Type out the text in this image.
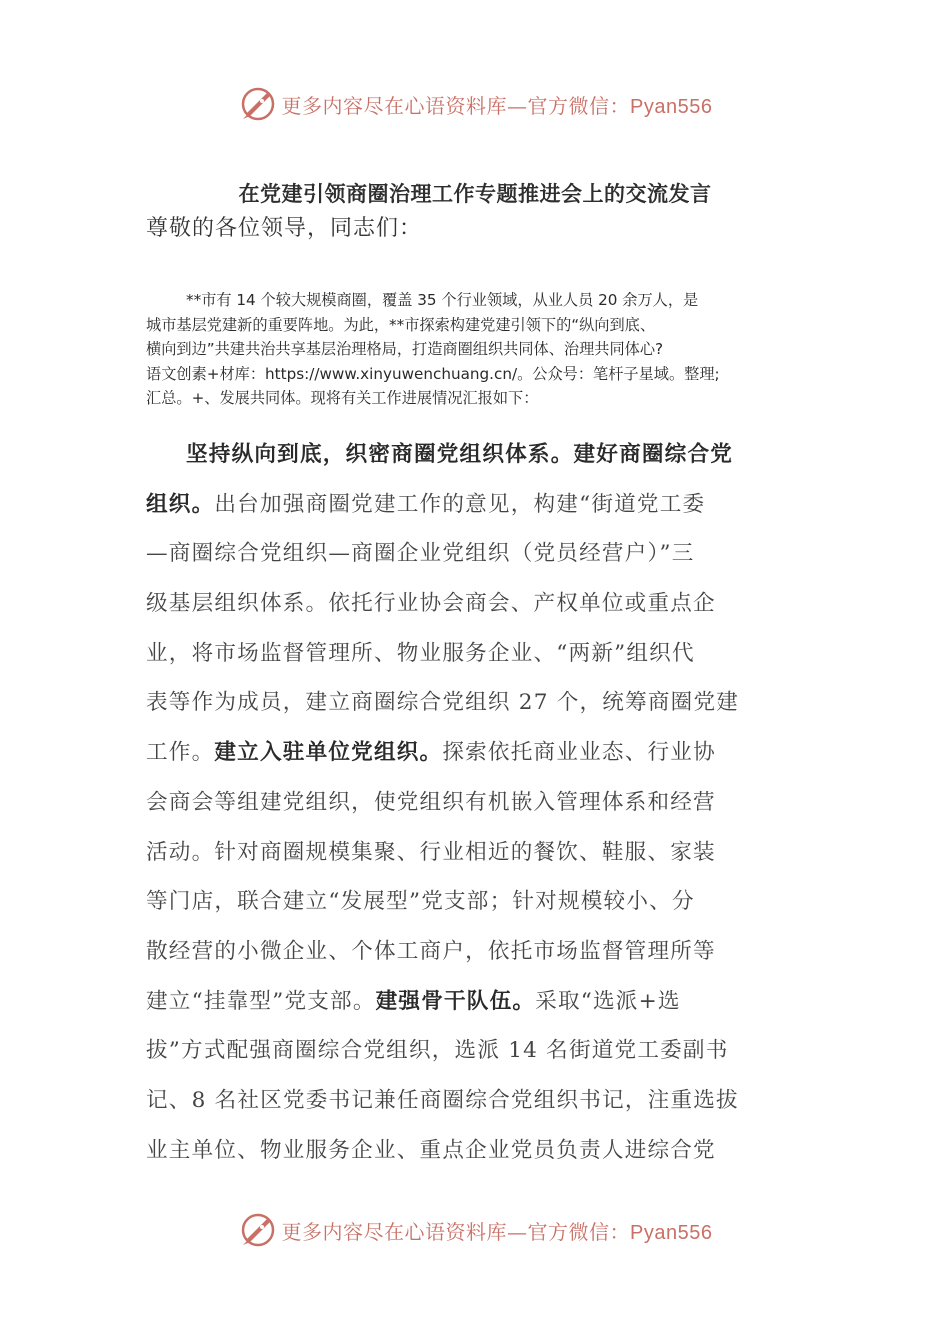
更多内容尽在心语资料库—官方微信：Pyan556
在党建引领商圈治理工作专题推进会上的交流发言
尊敬的各位领导，同志们：
**市有 14 个较大规模商圈，覆盖 35 个行业领域，从业人员 20 余万人，是
城市基层党建新的重要阵地。为此，**市探索构建党建引领下的“纵向到底、
横向到边”共建共治共享基层治理格局，打造商圈组织共同体、治理共同体心?
语文创素+材库：https://www.xinyuwenchuang.cn/。公众号：笔杆子星域。整理;
汇总。+、发展共同体。现将有关工作进展情况汇报如下：
坚持纵向到底，织密商圈党组织体系。建好商圈综合党
组织。出台加强商圈党建工作的意见，构建“街道党工委
—商圈综合党组织—商圈企业党组织（党员经营户）”三
级基层组织体系。依托行业协会商会、产权单位或重点企
业，将市场监督管理所、物业服务企业、“两新”组织代
表等作为成员，建立商圈综合党组织 27 个，统筹商圈党建
工作。建立入驻单位党组织。探索依托商业业态、行业协
会商会等组建党组织，使党组织有机嵌入管理体系和经营
活动。针对商圈规模集聚、行业相近的餐饮、鞋服、家装
等门店，联合建立“发展型”党支部；针对规模较小、分
散经营的小微企业、个体工商户，依托市场监督管理所等
建立“挂靠型”党支部。建强骨干队伍。采取“选派+选
拔”方式配强商圈综合党组织，选派 14 名街道党工委副书
记、8 名社区党委书记兼任商圈综合党组织书记，注重选拔
业主单位、物业服务企业、重点企业党员负责人进综合党
更多内容尽在心语资料库—官方微信：Pyan556
